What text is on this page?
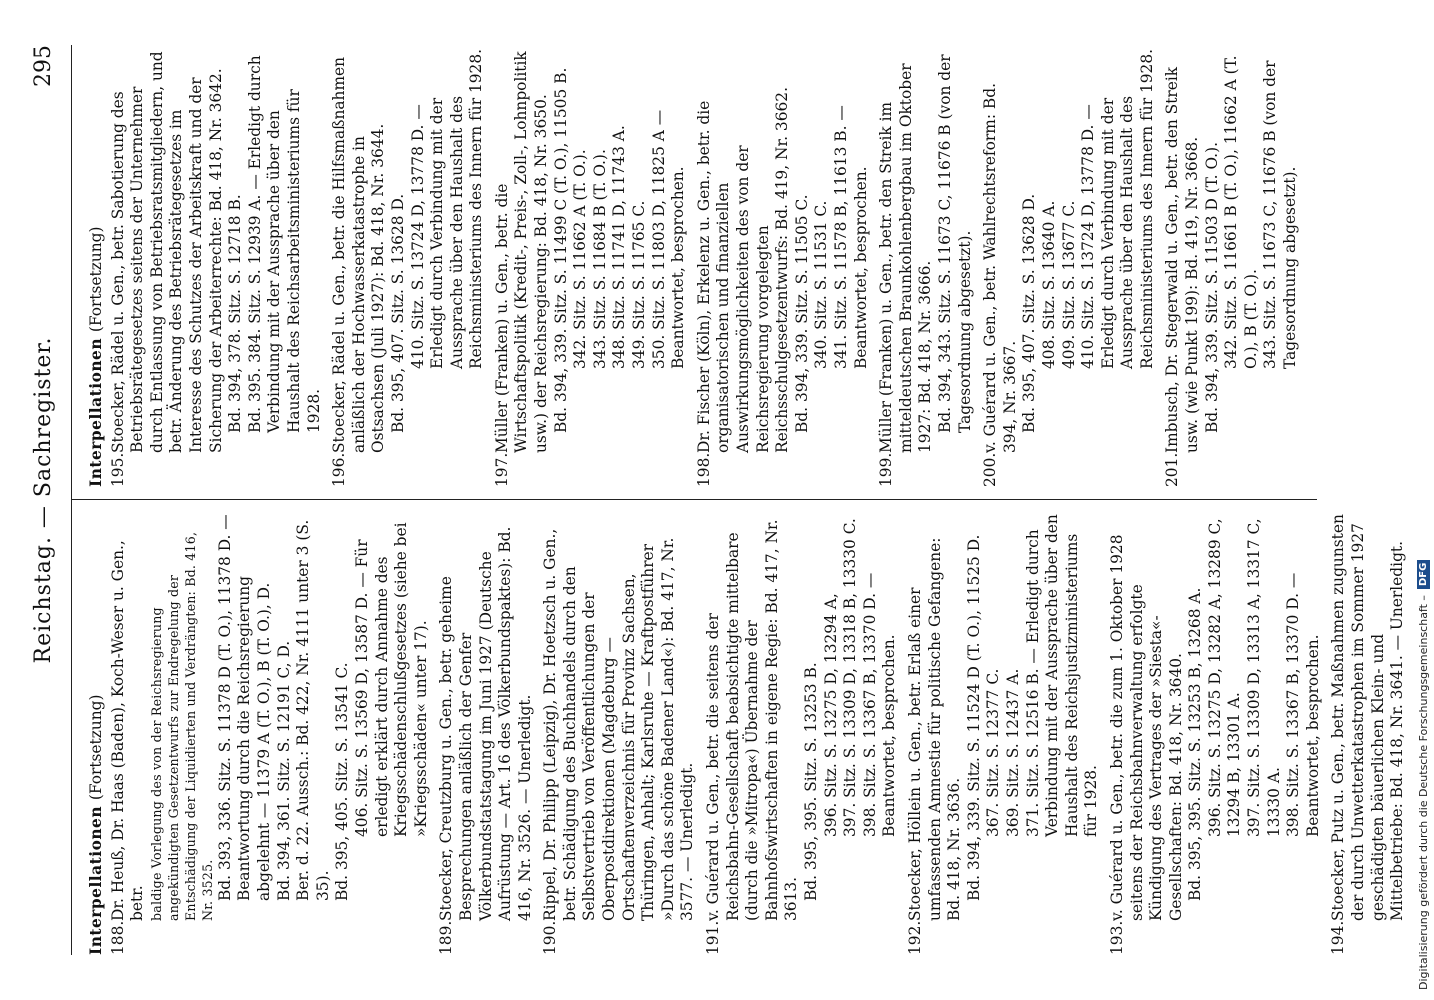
Reichstag. — Sachregister.
295
Interpellationen (Fortsetzung)
188.
Dr. Heuß, Dr. Haas (Baden), Koch-Weser u. Gen., betr. baldige Vorlegung des von der Reichsregierung angekündigten Gesetzentwurfs zur Endregelung der Entschädigung der Liquidierten und Verdrängten: Bd. 416, Nr. 3525. Bd. 393, 336. Sitz. S. 11378 D (T. O.), 11378 D. — Beantwortung durch die Reichsregierung abgelehnt — 11379 A (T. O.), B (T. O.), D. Bd. 394, 361. Sitz. S. 12191 C, D. Ber. d. 22. Aussch.: Bd. 422, Nr. 4111 unter 3 (S. 35). Bd. 395, 405. Sitz. S. 13541 C. 406. Sitz. S. 13569 D, 13587 D. — Für erledigt erklärt durch Annahme des Kriegsschädenschlußgesetzes (siehe bei »Kriegsschäden« unter 17).
189.
Stoecker, Creutzburg u. Gen., betr. geheime Besprechungen anläßlich der Genfer Völkerbundstatstagung im Juni 1927 (Deutsche Aufrüstung — Art. 16 des Völkerbundspaktes): Bd. 416, Nr. 3526. — Unerledigt.
190.
Rippel, Dr. Philipp (Leipzig), Dr. Hoetzsch u. Gen., betr. Schädigung des Buchhandels durch den Selbstvertrieb von Veröffentlichungen der Oberpostdirektionen (Magdeburg — Ortschaftenverzeichnis für Provinz Sachsen, Thüringen, Anhalt; Karlsruhe — Kraftpostführer »Durch das schöne Badener Land«): Bd. 417, Nr. 3577. — Unerledigt.
191.
v. Guérard u. Gen., betr. die seitens der Reichsbahn-Gesellschaft beabsichtigte mittelbare (durch die »Mitropa«) Übernahme der Bahnhofswirtschaften in eigene Regie: Bd. 417, Nr. 3613. Bd. 395, 395. Sitz. S. 13253 B. 396. Sitz. S. 13275 D, 13294 A, 397. Sitz. S. 13309 D, 13318 B, 13330 C. 398. Sitz. S. 13367 B, 13370 D. — Beantwortet, besprochen.
192.
Stoecker, Höllein u. Gen., betr. Erlaß einer umfassenden Amnestie für politische Gefangene: Bd. 418, Nr. 3636. Bd. 394, 339. Sitz. S. 11524 D (T. O.), 11525 D. 367. Sitz. S. 12377 C. 369. Sitz. S. 12437 A. 371. Sitz. S. 12516 B. — Erledigt durch Verbindung mit der Aussprache über den Haushalt des Reichsjustizministeriums für 1928.
193.
v. Guérard u. Gen., betr. die zum 1. Oktober 1928 seitens der Reichsbahnverwaltung erfolgte Kündigung des Vertrages der »Siesta«-Gesellschaften: Bd. 418, Nr. 3640. Bd. 395, 395. Sitz. S. 13253 B, 13268 A. 396. Sitz. S. 13275 D, 13282 A, 13289 C, 13294 B, 13301 A. 397. Sitz. S. 13309 D, 13313 A, 13317 C, 13330 A. 398. Sitz. S. 13367 B, 13370 D. — Beantwortet, besprochen.
194.
Stoecker, Putz u. Gen., betr. Maßnahmen zugunsten der durch Unwetterkatastrophen im Sommer 1927 geschädigten bäuerlichen Klein- und Mittelbetriebe: Bd. 418, Nr. 3641. — Unerledigt.
Interpellationen (Fortsetzung)
195.
Stoecker, Rädel u. Gen., betr. Sabotierung des Betriebsrätegesetzes seitens der Unternehmer durch Entlassung von Betriebsratsmitgliedern, und betr. Änderung des Betriebsrätegesetzes im Interesse des Schutzes der Arbeitskraft und der Sicherung der Arbeiterrechte: Bd. 418, Nr. 3642. Bd. 394, 378. Sitz. S. 12718 B. Bd. 395. 384. Sitz. S. 12939 A. — Erledigt durch Verbindung mit der Aussprache über den Haushalt des Reichsarbeitsministeriums für 1928.
196.
Stoecker, Rädel u. Gen., betr. die Hilfsmaßnahmen anläßlich der Hochwasserkatastrophe in Ostsachsen (Juli 1927): Bd. 418, Nr. 3644. Bd. 395, 407. Sitz. S. 13628 D. 410. Sitz. S. 13724 D, 13778 D. — Erledigt durch Verbindung mit der Aussprache über den Haushalt des Reichsministeriums des Innern für 1928.
197.
Müller (Franken) u. Gen., betr. die Wirtschaftspolitik (Kredit-, Preis-, Zoll-, Lohnpolitik usw.) der Reichsregierung: Bd. 418, Nr. 3650. Bd. 394, 339. Sitz. S. 11499 C (T. O.), 11505 B. 342. Sitz. S. 11662 A (T. O.). 343. Sitz. S. 11684 B (T. O.). 348. Sitz. S. 11741 D, 11743 A. 349. Sitz. S. 11765 C. 350. Sitz. S. 11803 D, 11825 A — Beantwortet, besprochen.
198.
Dr. Fischer (Köln), Erkelenz u. Gen., betr. die organisatorischen und finanziellen Auswirkungsmöglichkeiten des von der Reichsregierung vorgelegten Reichsschulgesetzentwurfs: Bd. 419, Nr. 3662. Bd. 394, 339. Sitz. S. 11505 C. 340. Sitz. S. 11531 C. 341. Sitz. S. 11578 B, 11613 B. — Beantwortet, besprochen.
199.
Müller (Franken) u. Gen., betr. den Streik im mitteldeutschen Braunkohlenbergbau im Oktober 1927: Bd. 418, Nr. 3666. Bd. 394, 343. Sitz. S. 11673 C, 11676 B (von der Tagesordnung abgesetzt).
200.
v. Guérard u. Gen., betr. Wahlrechtsreform: Bd. 394, Nr. 3667. Bd. 395, 407. Sitz. S. 13628 D. 408. Sitz. S. 13640 A. 409. Sitz. S. 13677 C. 410. Sitz. S. 13724 D, 13778 D. — Erledigt durch Verbindung mit der Aussprache über den Haushalt des Reichsministeriums des Innern für 1928.
201.
Imbusch, Dr. Stegerwald u. Gen., betr. den Streik usw. (wie Punkt 199): Bd. 419, Nr. 3668. Bd. 394, 339. Sitz. S. 11503 D (T. O.). 342. Sitz. S. 11661 B (T. O.), 11662 A (T. O.), B (T. O.). 343. Sitz. S. 11673 C, 11676 B (von der Tagesordnung abgesetzt).
Digitalisierung gefördert durch die Deutsche Forschungsgemeinschaft –
DFG
